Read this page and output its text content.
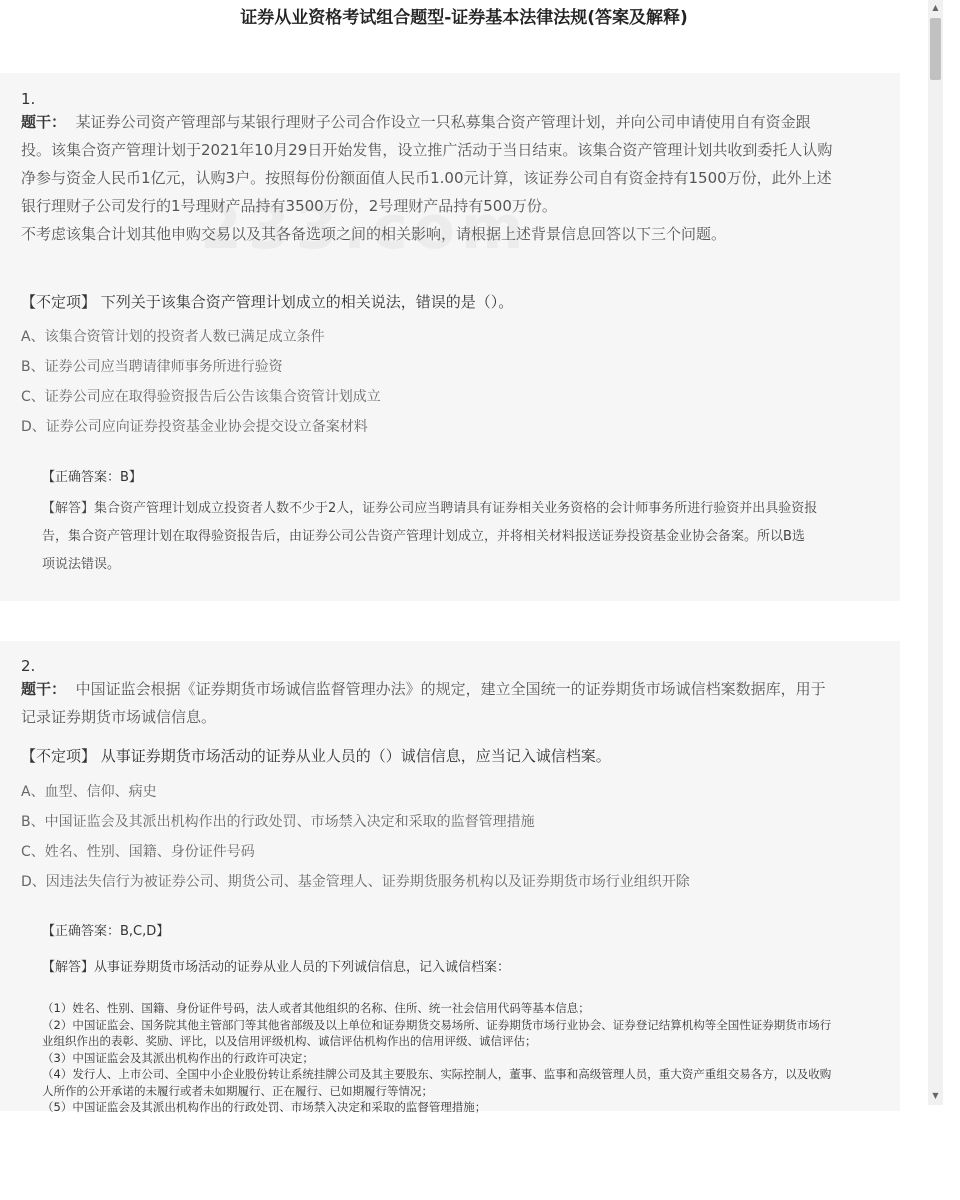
证券从业资格考试组合题型-证券基本法律法规(答案及解释)
1.
题干： 某证券公司资产管理部与某银行理财子公司合作设立一只私募集合资产管理计划，并向公司申请使用自有资金跟
投。该集合资产管理计划于2021年10月29日开始发售，设立推广活动于当日结束。该集合资产管理计划共收到委托人认购
净参与资金人民币1亿元，认购3户。按照每份份额面值人民币1.00元计算，该证券公司自有资金持有1500万份，此外上述
银行理财子公司发行的1号理财产品持有3500万份，2号理财产品持有500万份。
不考虑该集合计划其他申购交易以及其各备选项之间的相关影响，请根据上述背景信息回答以下三个问题。
【不定项】 下列关于该集合资产管理计划成立的相关说法，错误的是（）。
A、该集合资管计划的投资者人数已满足成立条件
B、证券公司应当聘请律师事务所进行验资
C、证券公司应在取得验资报告后公告该集合资管计划成立
D、证券公司应向证券投资基金业协会提交设立备案材料
【正确答案：B】
【解答】集合资产管理计划成立投资者人数不少于2人，证券公司应当聘请具有证券相关业务资格的会计师事务所进行验资并出具验资报
告，集合资产管理计划在取得验资报告后，由证券公司公告资产管理计划成立，并将相关材料报送证券投资基金业协会备案。所以B选
项说法错误。
2.
题干： 中国证监会根据《证券期货市场诚信监督管理办法》的规定，建立全国统一的证券期货市场诚信档案数据库，用于
记录证券期货市场诚信信息。
【不定项】 从事证券期货市场活动的证券从业人员的（）诚信信息，应当记入诚信档案。
A、血型、信仰、病史
B、中国证监会及其派出机构作出的行政处罚、市场禁入决定和采取的监督管理措施
C、姓名、性别、国籍、身份证件号码
D、因违法失信行为被证券公司、期货公司、基金管理人、证券期货服务机构以及证券期货市场行业组织开除
【正确答案：B,C,D】
【解答】从事证券期货市场活动的证券从业人员的下列诚信信息，记入诚信档案：
（1）姓名、性别、国籍、身份证件号码，法人或者其他组织的名称、住所、统一社会信用代码等基本信息；
（2）中国证监会、国务院其他主管部门等其他省部级及以上单位和证券期货交易场所、证券期货市场行业协会、证券登记结算机构等全国性证券期货市场行
业组织作出的表彰、奖励、评比，以及信用评级机构、诚信评估机构作出的信用评级、诚信评估；
（3）中国证监会及其派出机构作出的行政许可决定；
（4）发行人、上市公司、全国中小企业股份转让系统挂牌公司及其主要股东、实际控制人，董事、监事和高级管理人员，重大资产重组交易各方，以及收购
人所作的公开承诺的未履行或者未如期履行、正在履行、已如期履行等情况；
（5）中国证监会及其派出机构作出的行政处罚、市场禁入决定和采取的监督管理措施；
▲
▼
